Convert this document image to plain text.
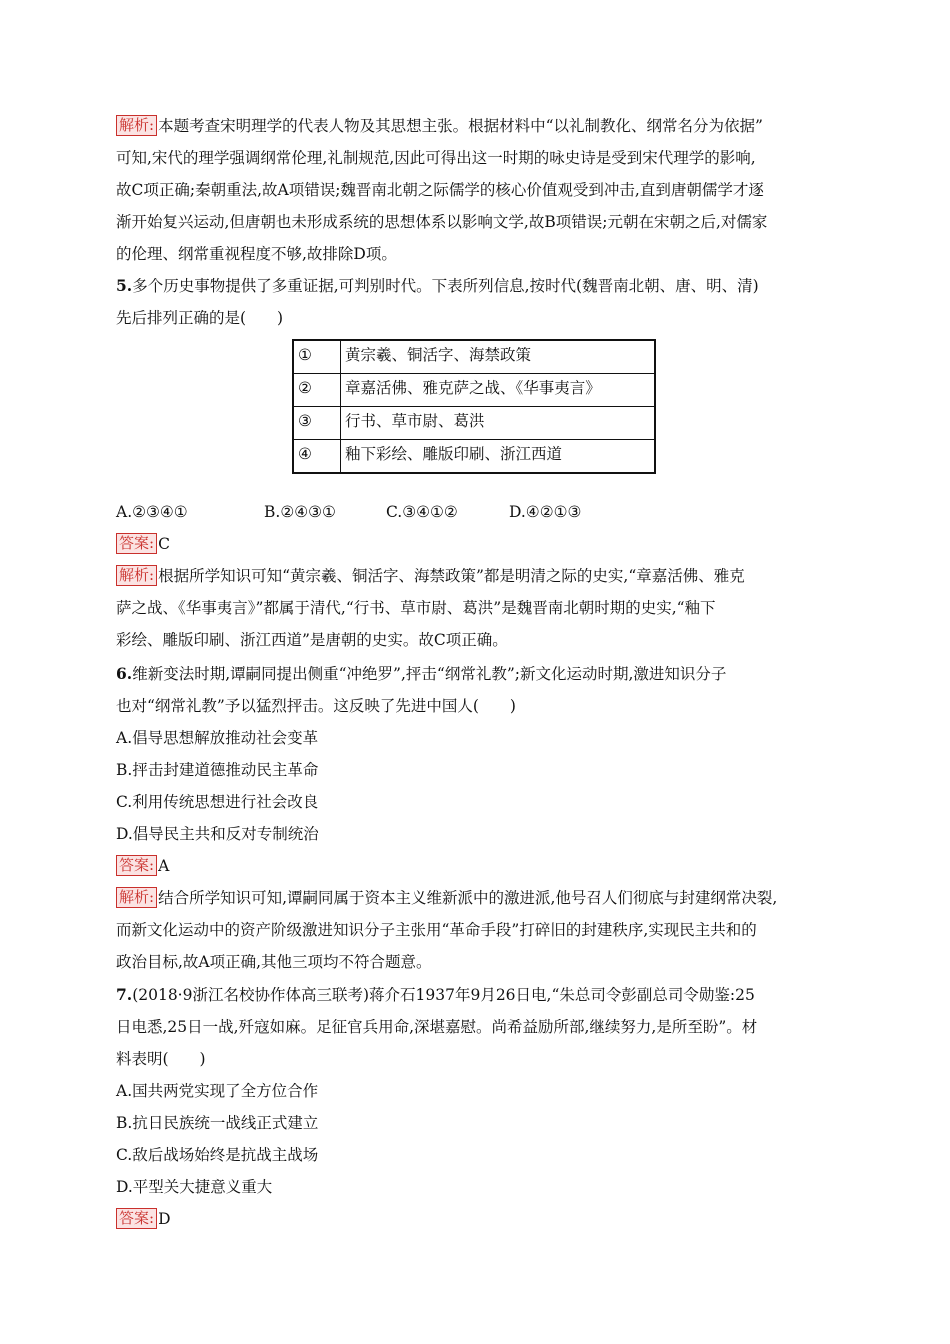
解析: 本题考查宋明理学的代表人物及其思想主张。根据材料中“以礼制教化、纲常名分为依据”
可知,宋代的理学强调纲常伦理,礼制规范,因此可得出这一时期的咏史诗是受到宋代理学的影响,
故C项正确;秦朝重法,故A项错误;魏晋南北朝之际儒学的核心价值观受到冲击,直到唐朝儒学才逐
渐开始复兴运动,但唐朝也未形成系统的思想体系以影响文学,故B项错误;元朝在宋朝之后,对儒家
的伦理、纲常重视程度不够,故排除D项。
5.多个历史事物提供了多重证据,可判别时代。下表所列信息,按时代(魏晋南北朝、唐、明、清)
先后排列正确的是(　　)
①	黄宗羲、铜活字、海禁政策
②	章嘉活佛、雅克萨之战、《华事夷言》
③	行书、草市尉、葛洪
④	釉下彩绘、雕版印刷、浙江西道
A.②③④①	B.②④③①	C.③④①②	D.④②①③
答案: C
解析: 根据所学知识可知“黄宗羲、铜活字、海禁政策”都是明清之际的史实,“章嘉活佛、雅克
萨之战、《华事夷言》”都属于清代,“行书、草市尉、葛洪”是魏晋南北朝时期的史实,“釉下
彩绘、雕版印刷、浙江西道”是唐朝的史实。故C项正确。
6.维新变法时期,谭嗣同提出侧重“冲绝罗”,抨击“纲常礼教”;新文化运动时期,激进知识分子
也对“纲常礼教”予以猛烈抨击。这反映了先进中国人(　　)
A.倡导思想解放推动社会变革
B.抨击封建道德推动民主革命
C.利用传统思想进行社会改良
D.倡导民主共和反对专制统治
答案: A
解析: 结合所学知识可知,谭嗣同属于资本主义维新派中的激进派,他号召人们彻底与封建纲常决裂,
而新文化运动中的资产阶级激进知识分子主张用“革命手段”打碎旧的封建秩序,实现民主共和的
政治目标,故A项正确,其他三项均不符合题意。
7.(2018·9浙江名校协作体高三联考)蒋介石1937年9月26日电,“朱总司令彭副总司令勋鉴:25
日电悉,25日一战,歼寇如麻。足征官兵用命,深堪嘉慰。尚希益励所部,继续努力,是所至盼”。材
料表明(　　)
A.国共两党实现了全方位合作
B.抗日民族统一战线正式建立
C.敌后战场始终是抗战主战场
D.平型关大捷意义重大
答案: D
